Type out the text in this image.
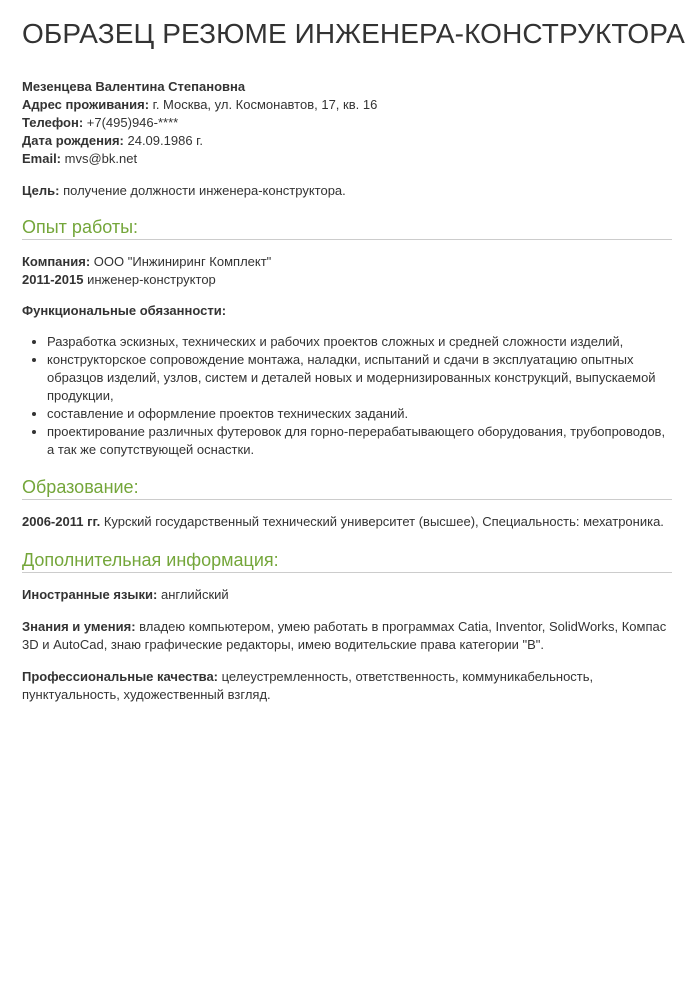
ОБРАЗЕЦ РЕЗЮМЕ ИНЖЕНЕРА-КОНСТРУКТОРА
Мезенцева Валентина Степановна
Адрес проживания: г. Москва, ул. Космонавтов, 17, кв. 16
Телефон: +7(495)946-****
Дата рождения: 24.09.1986 г.
Email: mvs@bk.net
Цель: получение должности инженера-конструктора.
Опыт работы:
Компания: ООО "Инжиниринг Комплект"
2011-2015 инженер-конструктор
Функциональные обязанности:
• Разработка эскизных, технических и рабочих проектов сложных и средней сложности изделий,
• конструкторское сопровождение монтажа, наладки, испытаний и сдачи в эксплуатацию опытных образцов изделий, узлов, систем и деталей новых и модернизированных конструкций, выпускаемой продукции,
• составление и оформление проектов технических заданий.
• проектирование различных футеровок для горно-перерабатывающего оборудования, трубопроводов, а так же сопутствующей оснастки.
Образование:
2006-2011 гг. Курский государственный технический университет (высшее), Специальность: мехатроника.
Дополнительная информация:
Иностранные языки: английский
Знания и умения: владею компьютером, умею работать в программах Catia, Inventor, SolidWorks, Компас 3D и AutoCad, знаю графические редакторы, имею водительские права категории "B".
Профессиональные качества: целеустремленность, ответственность, коммуникабельность, пунктуальность, художественный взгляд.
